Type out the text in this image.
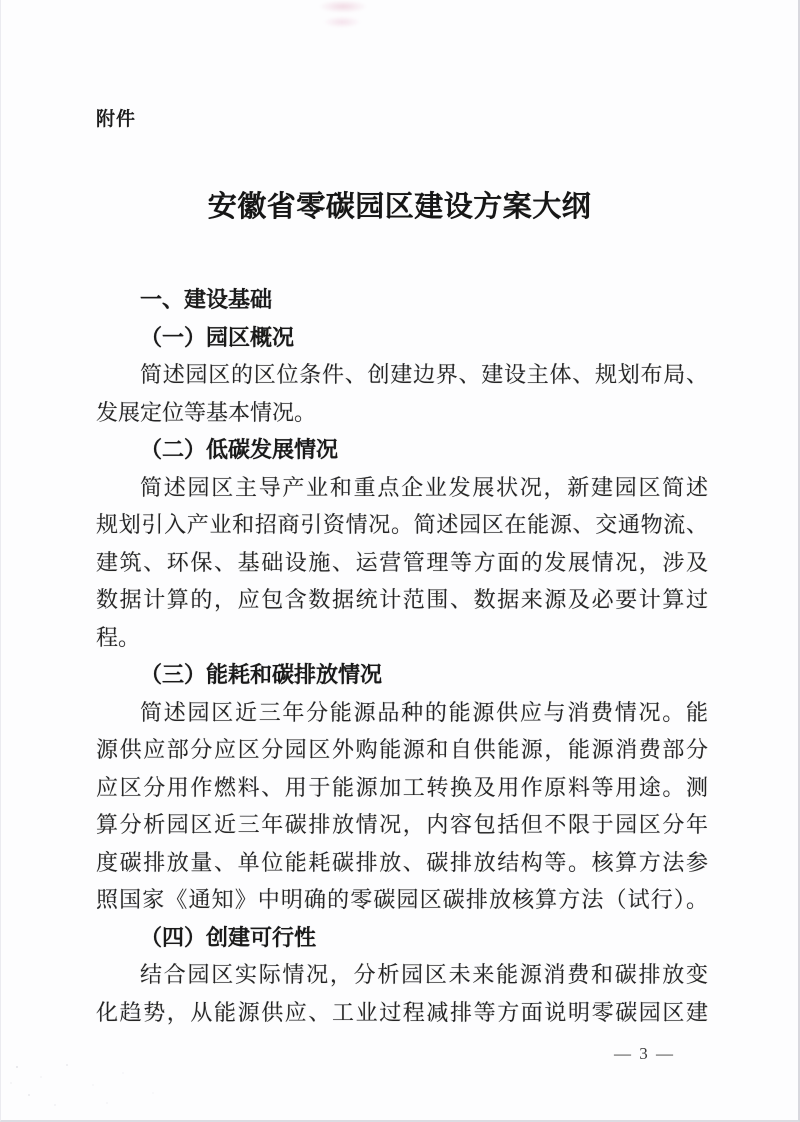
附件
安徽省零碳园区建设方案大纲
一、建设基础
（一）园区概况
简述园区的区位条件、创建边界、建设主体、规划布局、
发展定位等基本情况。
（二）低碳发展情况
简述园区主导产业和重点企业发展状况，新建园区简述
规划引入产业和招商引资情况。简述园区在能源、交通物流、
建筑、环保、基础设施、运营管理等方面的发展情况，涉及
数据计算的，应包含数据统计范围、数据来源及必要计算过
程。
（三）能耗和碳排放情况
简述园区近三年分能源品种的能源供应与消费情况。能
源供应部分应区分园区外购能源和自供能源，能源消费部分
应区分用作燃料、用于能源加工转换及用作原料等用途。测
算分析园区近三年碳排放情况，内容包括但不限于园区分年
度碳排放量、单位能耗碳排放、碳排放结构等。核算方法参
照国家《通知》中明确的零碳园区碳排放核算方法（试行）。
（四）创建可行性
结合园区实际情况，分析园区未来能源消费和碳排放变
化趋势，从能源供应、工业过程减排等方面说明零碳园区建
— 3 —
